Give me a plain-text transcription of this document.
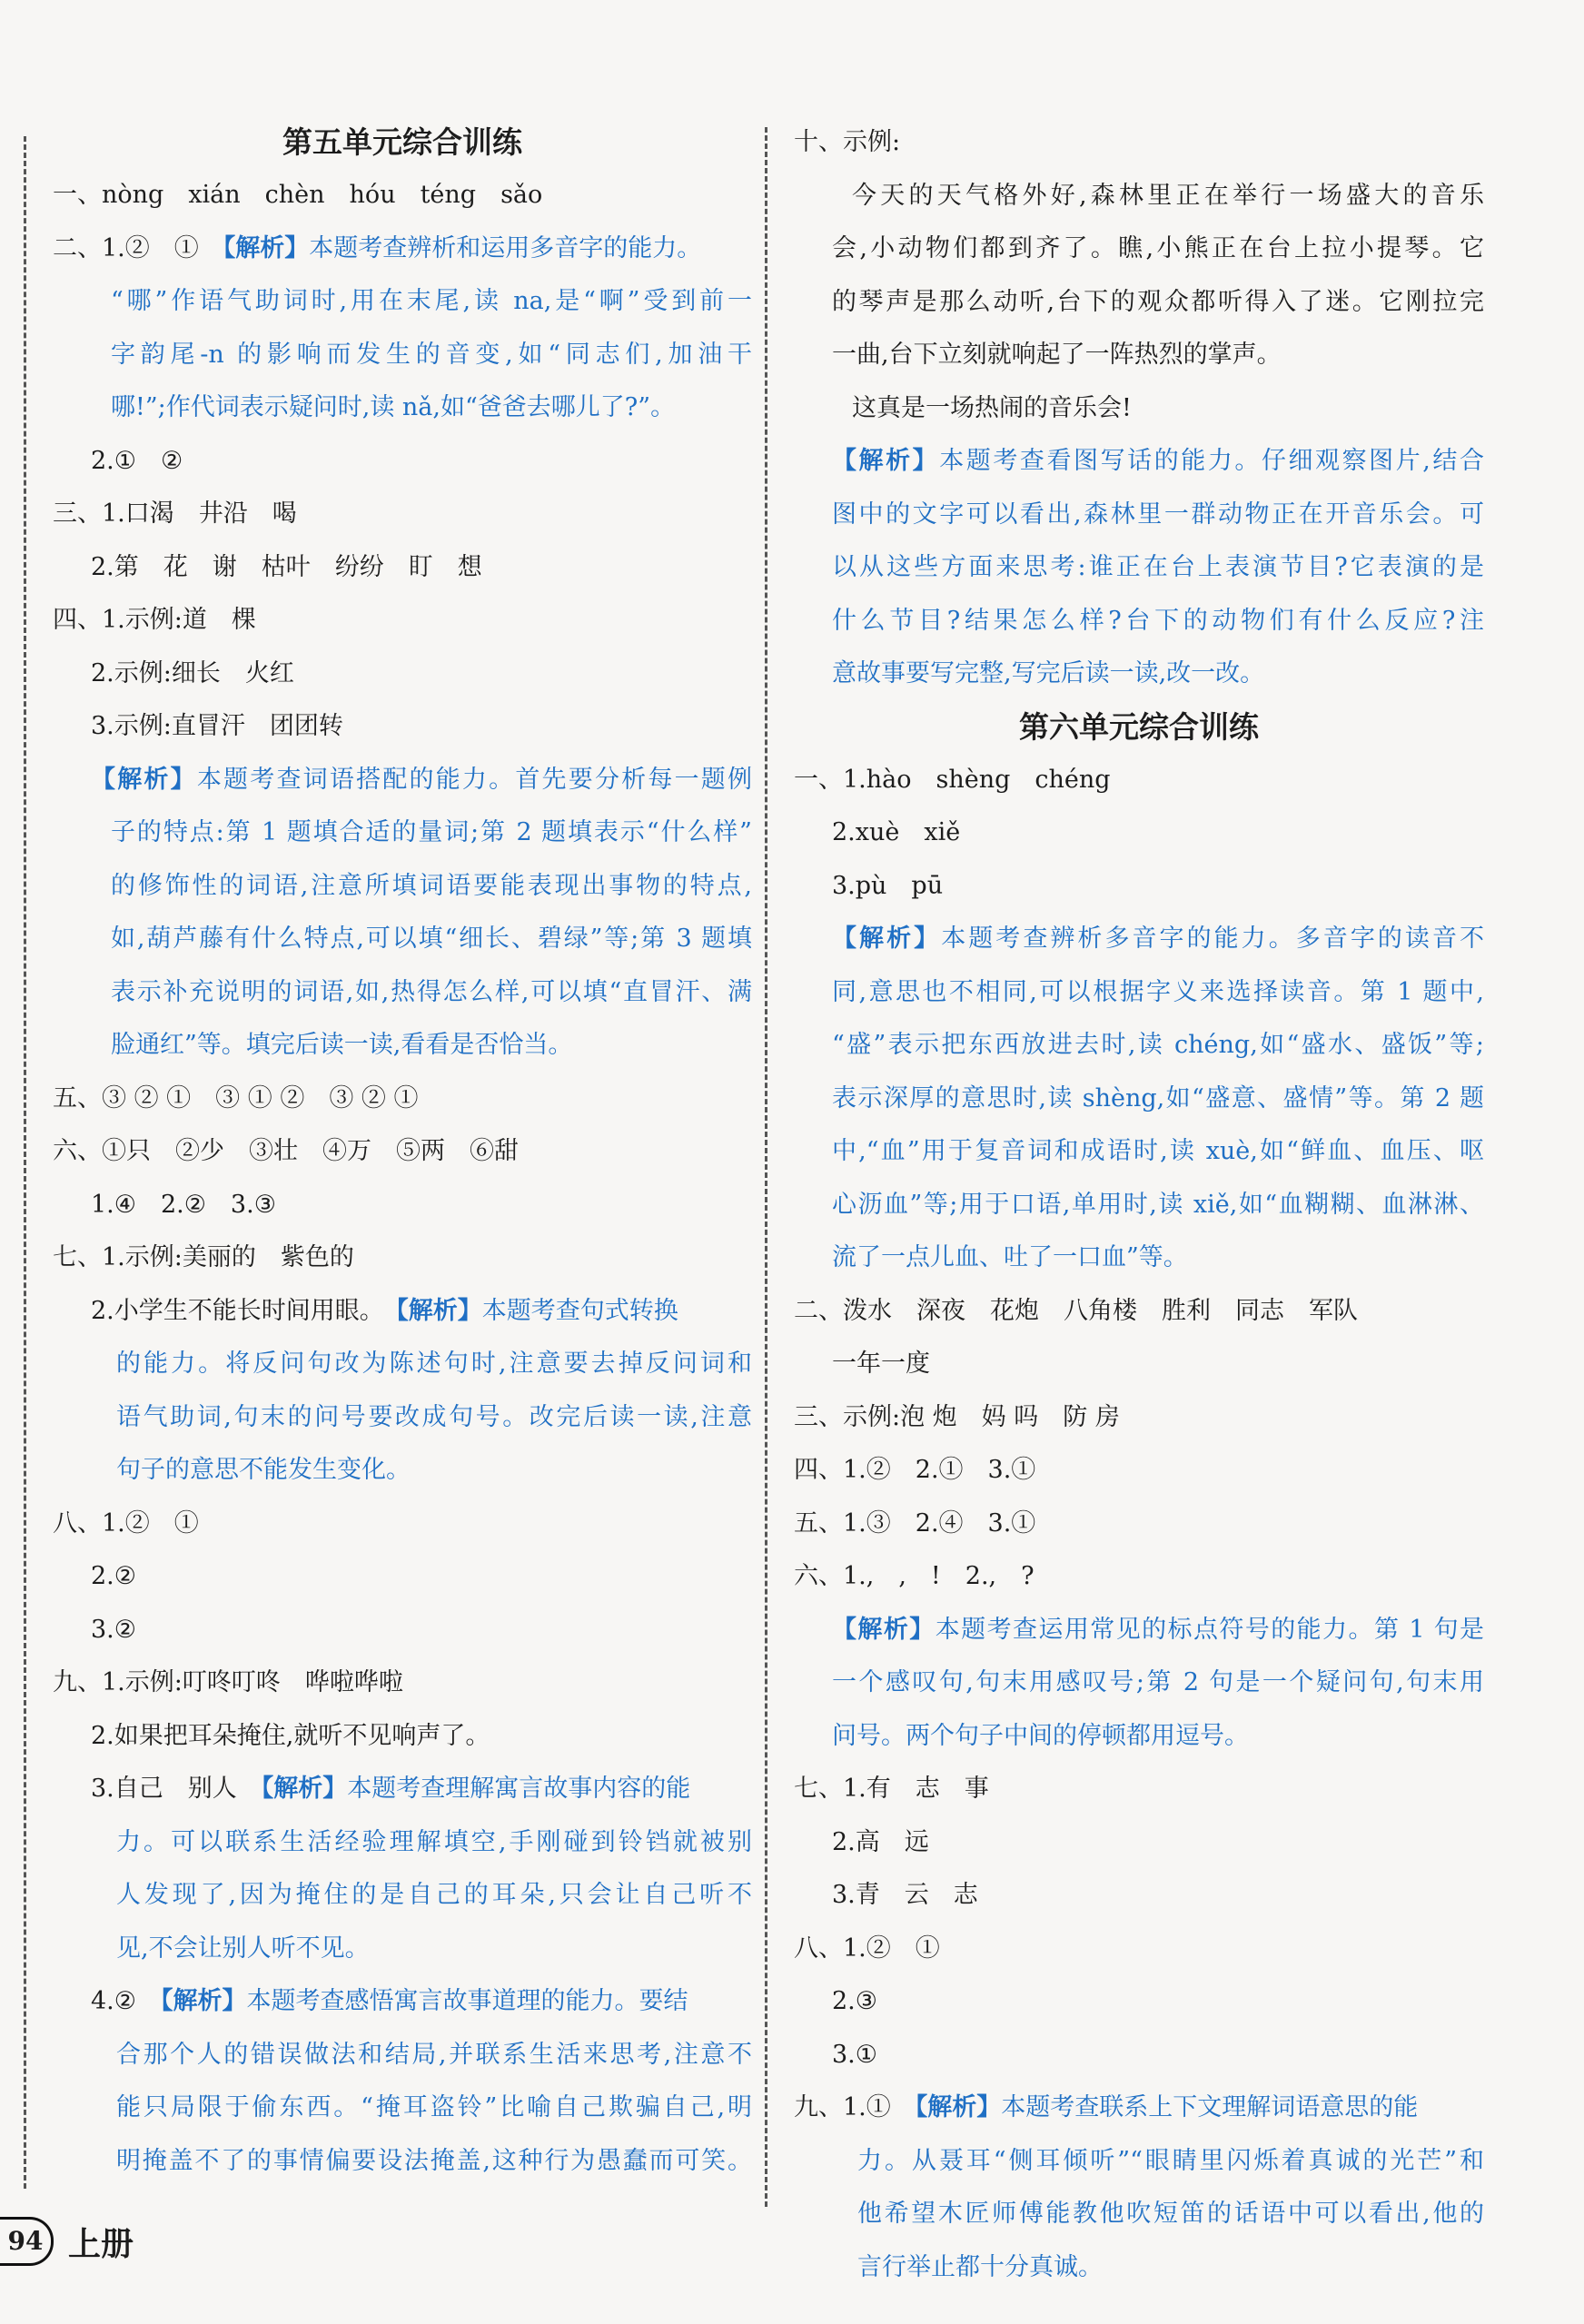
第五单元综合训练
一、nòng　xián　chèn　hóu　téng　sǎo
二、1.②　①　【解析】本题考查辨析和运用多音字的能力。
“哪”作语气助词时,用在末尾,读 na,是“啊”受到前一
字韵尾-n 的影响而发生的音变,如“同志们,加油干
哪!”;作代词表示疑问时,读 nǎ,如“爸爸去哪儿了?”。
2.①　②
三、1.口渴　井沿　喝
2.第　花　谢　枯叶　纷纷　盯　想
四、1.示例:道　棵
2.示例:细长　火红
3.示例:直冒汗　团团转
【解析】本题考查词语搭配的能力。首先要分析每一题例
子的特点:第 1 题填合适的量词;第 2 题填表示“什么样”
的修饰性的词语,注意所填词语要能表现出事物的特点,
如,葫芦藤有什么特点,可以填“细长、碧绿”等;第 3 题填
表示补充说明的词语,如,热得怎么样,可以填“直冒汗、满
脸通红”等。填完后读一读,看看是否恰当。
五、③ ② ①　③ ① ②　③ ② ①
六、①只　②少　③壮　④万　⑤两　⑥甜
1.④　2.②　3.③
七、1.示例:美丽的　紫色的
2.小学生不能长时间用眼。　【解析】本题考查句式转换
的能力。将反问句改为陈述句时,注意要去掉反问词和
语气助词,句末的问号要改成句号。改完后读一读,注意
句子的意思不能发生变化。
八、1.②　①
2.②
3.②
九、1.示例:叮咚叮咚　哗啦哗啦
2.如果把耳朵掩住,就听不见响声了。
3.自己　别人　【解析】本题考查理解寓言故事内容的能
力。可以联系生活经验理解填空,手刚碰到铃铛就被别
人发现了,因为掩住的是自己的耳朵,只会让自己听不
见,不会让别人听不见。
4.②　【解析】本题考查感悟寓言故事道理的能力。要结
合那个人的错误做法和结局,并联系生活来思考,注意不
能只局限于偷东西。“掩耳盗铃”比喻自己欺骗自己,明
明掩盖不了的事情偏要设法掩盖,这种行为愚蠢而可笑。
十、示例:
今天的天气格外好,森林里正在举行一场盛大的音乐
会,小动物们都到齐了。瞧,小熊正在台上拉小提琴。它
的琴声是那么动听,台下的观众都听得入了迷。它刚拉完
一曲,台下立刻就响起了一阵热烈的掌声。
这真是一场热闹的音乐会!
【解析】本题考查看图写话的能力。仔细观察图片,结合
图中的文字可以看出,森林里一群动物正在开音乐会。可
以从这些方面来思考:谁正在台上表演节目?它表演的是
什么节目?结果怎么样?台下的动物们有什么反应?注
意故事要写完整,写完后读一读,改一改。
第六单元综合训练
一、1.hào　shèng　chéng
2.xuè　xiě
3.pù　pū
【解析】本题考查辨析多音字的能力。多音字的读音不
同,意思也不相同,可以根据字义来选择读音。第 1 题中,
“盛”表示把东西放进去时,读 chéng,如“盛水、盛饭”等;
表示深厚的意思时,读 shèng,如“盛意、盛情”等。第 2 题
中,“血”用于复音词和成语时,读 xuè,如“鲜血、血压、呕
心沥血”等;用于口语,单用时,读 xiě,如“血糊糊、血淋淋、
流了一点儿血、吐了一口血”等。
二、泼水　深夜　花炮　八角楼　胜利　同志　军队
一年一度
三、示例:泡 炮　妈 吗　防 房
四、1.②　2.①　3.①
五、1.③　2.④　3.①
六、1.,　,　!　2.,　?
【解析】本题考查运用常见的标点符号的能力。第 1 句是
一个感叹句,句末用感叹号;第 2 句是一个疑问句,句末用
问号。两个句子中间的停顿都用逗号。
七、1.有　志　事
2.高　远
3.青　云　志
八、1.②　①
2.③
3.①
九、1.①　【解析】本题考查联系上下文理解词语意思的能
力。从聂耳“侧耳倾听”“眼睛里闪烁着真诚的光芒”和
他希望木匠师傅能教他吹短笛的话语中可以看出,他的
言行举止都十分真诚。
94 上册
